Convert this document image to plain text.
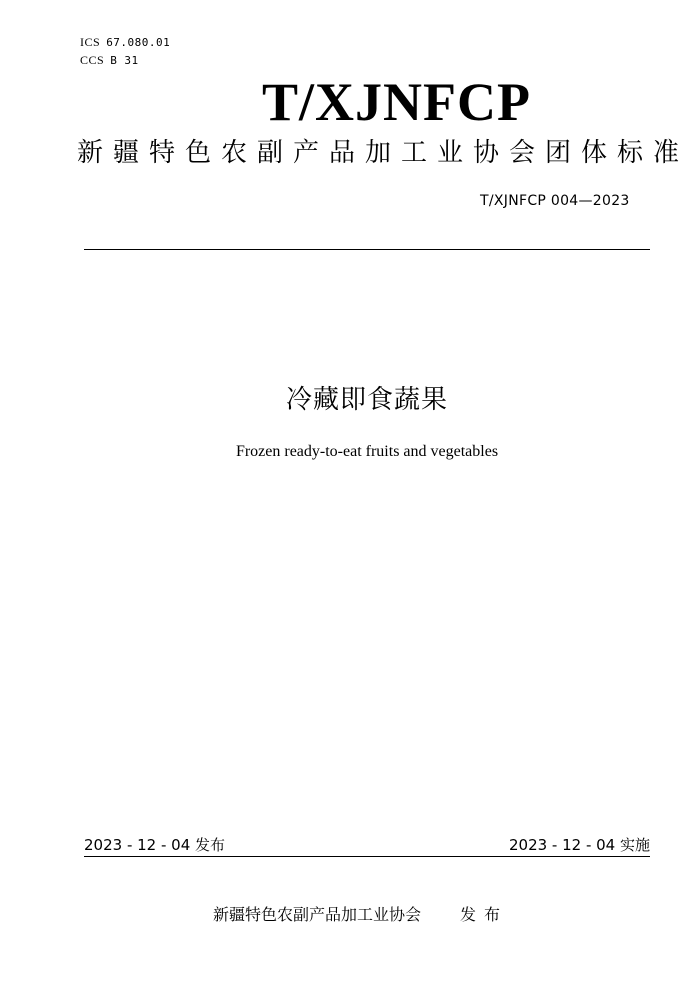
ICS 67.080.01
CCS B 31
T/XJNFCP
新疆特色农副产品加工业协会团体标准
T/XJNFCP 004—2023
冷藏即食蔬果
Frozen ready-to-eat fruits and vegetables
2023 - 12 - 04 发布	2023 - 12 - 04 实施
新疆特色农副产品加工业协会 发布
